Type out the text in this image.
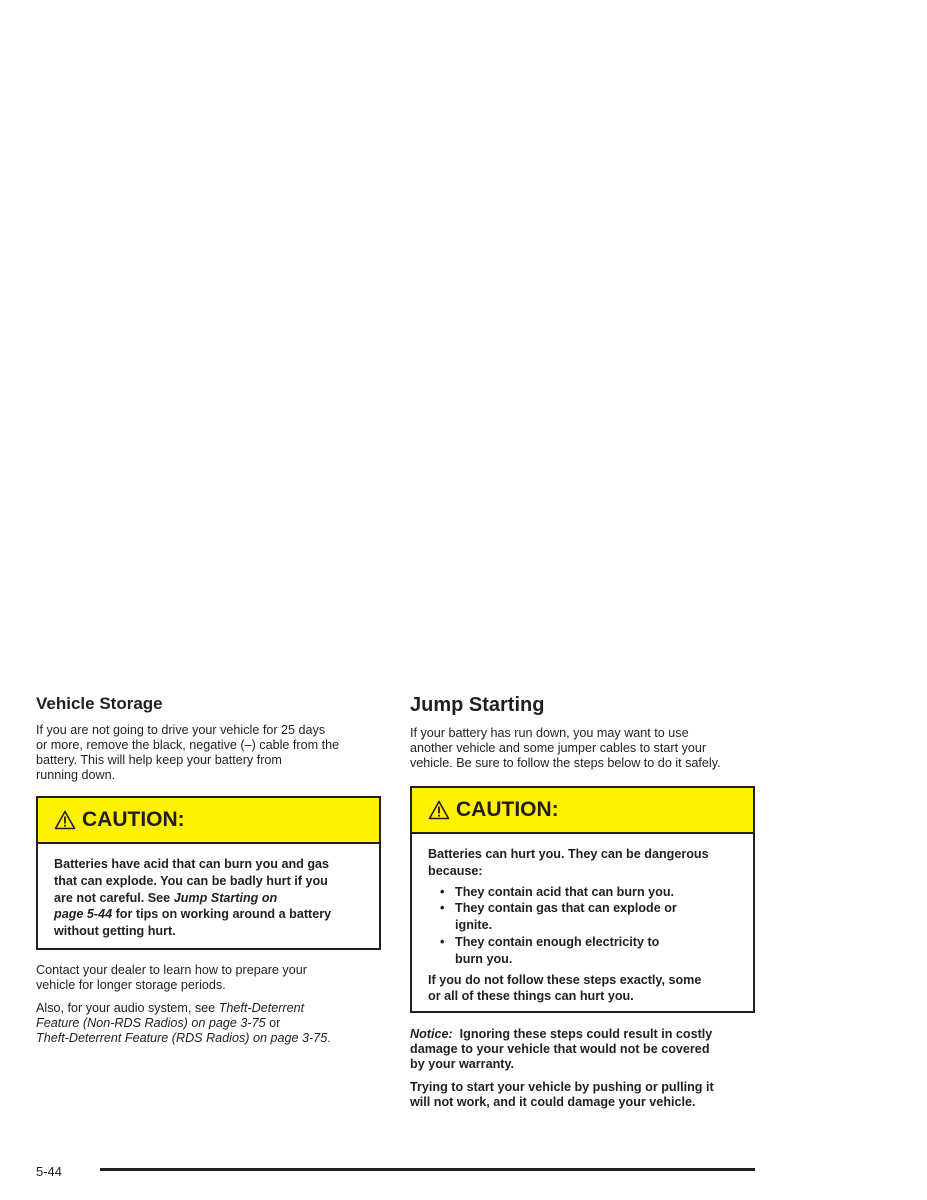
Vehicle Storage

If you are not going to drive your vehicle for 25 days
or more, remove the black, negative (–) cable from the
battery. This will help keep your battery from
running down.

CAUTION:
Batteries have acid that can burn you and gas
that can explode. You can be badly hurt if you
are not careful. See Jump Starting on
page 5-44 for tips on working around a battery
without getting hurt.

Contact your dealer to learn how to prepare your
vehicle for longer storage periods.

Also, for your audio system, see Theft-Deterrent
Feature (Non-RDS Radios) on page 3-75 or
Theft-Deterrent Feature (RDS Radios) on page 3-75.

Jump Starting

If your battery has run down, you may want to use
another vehicle and some jumper cables to start your
vehicle. Be sure to follow the steps below to do it safely.

CAUTION:
Batteries can hurt you. They can be dangerous
because:
• They contain acid that can burn you.
• They contain gas that can explode or
ignite.
• They contain enough electricity to
burn you.
If you do not follow these steps exactly, some
or all of these things can hurt you.

Notice:  Ignoring these steps could result in costly
damage to your vehicle that would not be covered
by your warranty.

Trying to start your vehicle by pushing or pulling it
will not work, and it could damage your vehicle.

5-44
